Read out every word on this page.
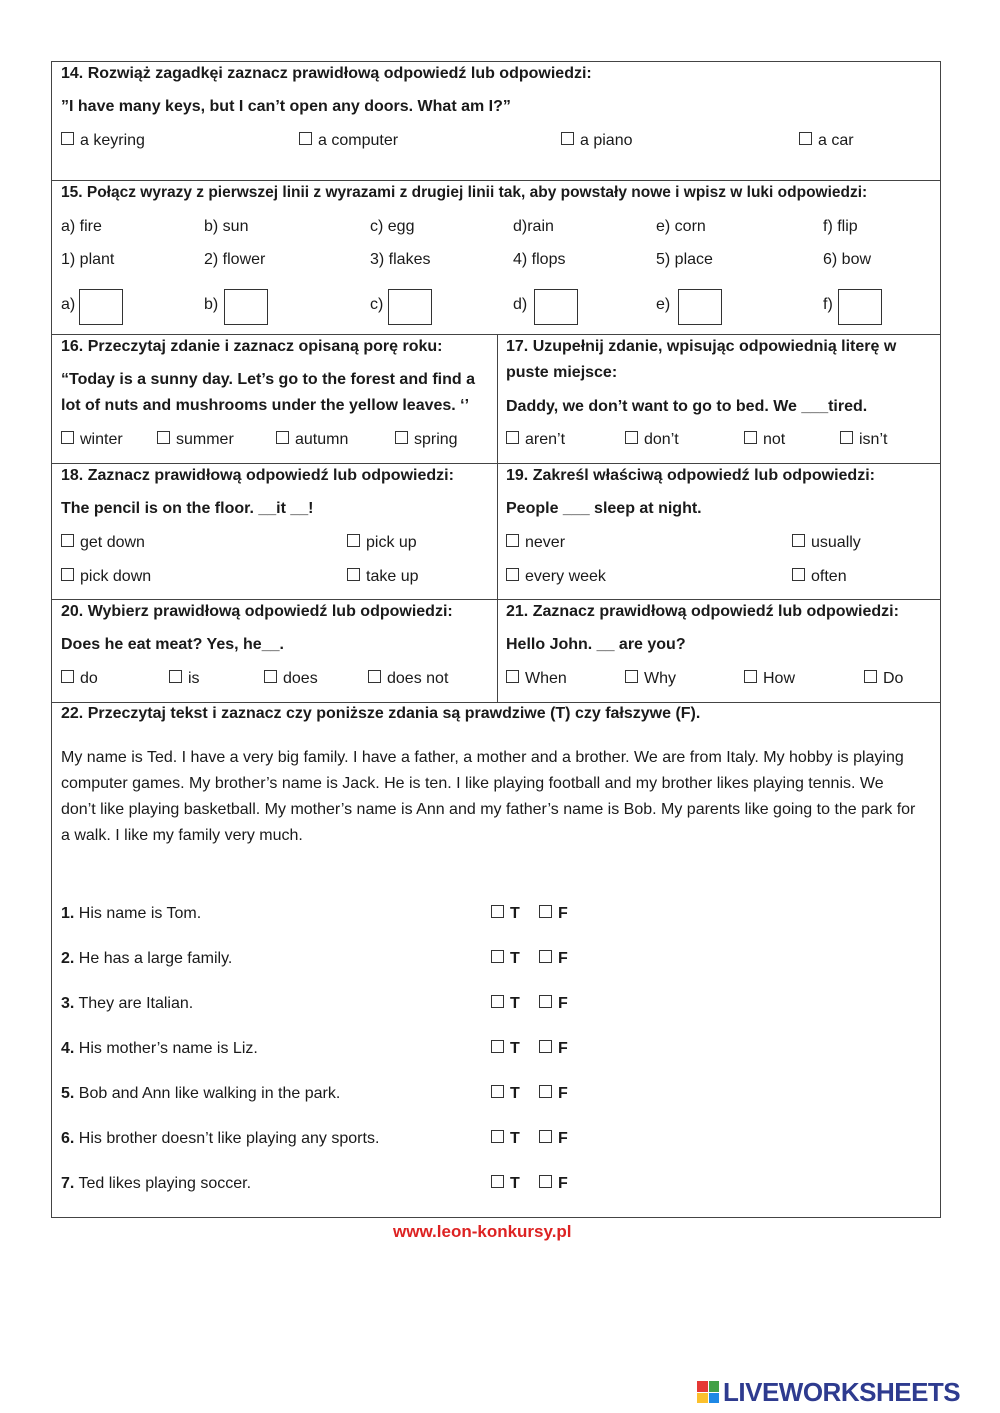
14. Rozwiąż zagadkęi zaznacz prawidłową odpowiedź lub odpowiedzi:
”I have many keys, but I can’t open any doors. What am I?”
a keyring	a computer	a piano	a car
15. Połącz wyrazy z pierwszej linii z wyrazami z drugiej linii tak, aby powstały nowe i wpisz w luki odpowiedzi:
a) fire	b) sun	c) egg	d)rain	e) corn	f) flip
1) plant	2) flower	3) flakes	4) flops	5) place	6) bow
a)	b)	c)	d)	e)	f)
16. Przeczytaj zdanie i zaznacz opisaną porę roku:
“Today is a sunny day. Let’s go to the forest and find a lot of nuts and mushrooms under the yellow leaves. ‘’
winter	summer	autumn	spring
17. Uzupełnij zdanie, wpisując odpowiednią literę w puste miejsce:
Daddy, we don’t want to go to bed. We ___tired.
aren’t	don’t	not	isn’t
18. Zaznacz prawidłową odpowiedź lub odpowiedzi:
The pencil is on the floor. __it __!
get down	pick up
pick down	take up
19. Zakreśl właściwą odpowiedź lub odpowiedzi:
People ___ sleep at night.
never	usually
every week	often
20. Wybierz prawidłową odpowiedź lub odpowiedzi:
Does he eat meat? Yes, he__.
do	is	does	does not
21. Zaznacz prawidłową odpowiedź lub odpowiedzi:
Hello John. __ are you?
When	Why	How	Do
22. Przeczytaj tekst i zaznacz czy poniższe zdania są prawdziwe (T) czy fałszywe (F).
My name is Ted. I have a very big family. I have a father, a mother and a brother. We are from Italy. My hobby is playing computer games. My brother’s name is Jack. He is ten. I like playing football and my brother likes playing tennis. We don’t like playing basketball. My mother’s name is Ann and my father’s name is Bob. My parents like going to the park for a walk. I like my family very much.
1. His name is Tom.	T	F
2. He has a large family.	T	F
3. They are Italian.	T	F
4. His mother’s name is Liz.	T	F
5. Bob and Ann like walking in the park.	T	F
6. His brother doesn’t like playing any sports.	T	F
7. Ted likes playing soccer.	T	F
www.leon-konkursy.pl
LIVEWORKSHEETS
